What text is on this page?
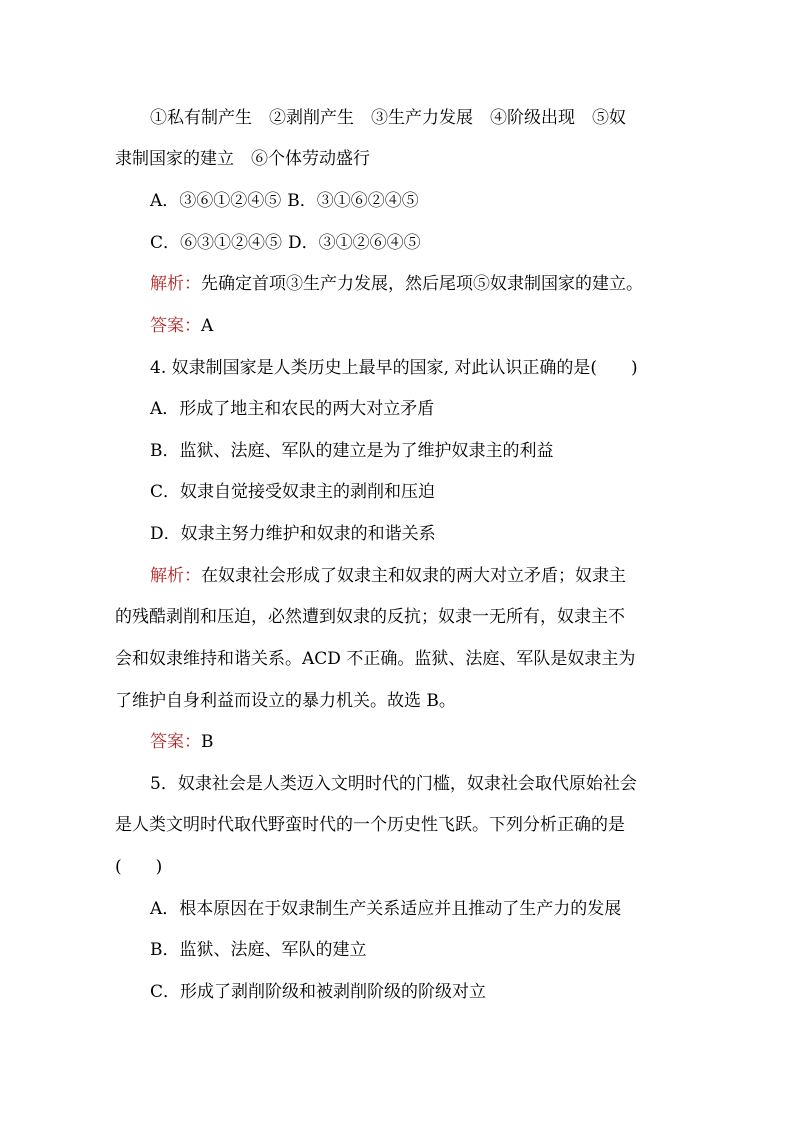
①私有制产生　②剥削产生　③生产力发展　④阶级出现　⑤奴
隶制国家的建立　⑥个体劳动盛行
A．③⑥①②④⑤ B．③①⑥②④⑤
C．⑥③①②④⑤ D．③①②⑥④⑤
解析：先确定首项③生产力发展，然后尾项⑤奴隶制国家的建立。
答案：A
4. 奴隶制国家是人类历史上最早的国家, 对此认识正确的是(　　)
A．形成了地主和农民的两大对立矛盾
B．监狱、法庭、军队的建立是为了维护奴隶主的利益
C．奴隶自觉接受奴隶主的剥削和压迫
D．奴隶主努力维护和奴隶的和谐关系
解析：在奴隶社会形成了奴隶主和奴隶的两大对立矛盾；奴隶主
的残酷剥削和压迫，必然遭到奴隶的反抗；奴隶一无所有，奴隶主不
会和奴隶维持和谐关系。ACD 不正确。监狱、法庭、军队是奴隶主为
了维护自身利益而设立的暴力机关。故选 B。
答案：B
5．奴隶社会是人类迈入文明时代的门槛，奴隶社会取代原始社会
是人类文明时代取代野蛮时代的一个历史性飞跃。下列分析正确的是
(　　)
A．根本原因在于奴隶制生产关系适应并且推动了生产力的发展
B．监狱、法庭、军队的建立
C．形成了剥削阶级和被剥削阶级的阶级对立
